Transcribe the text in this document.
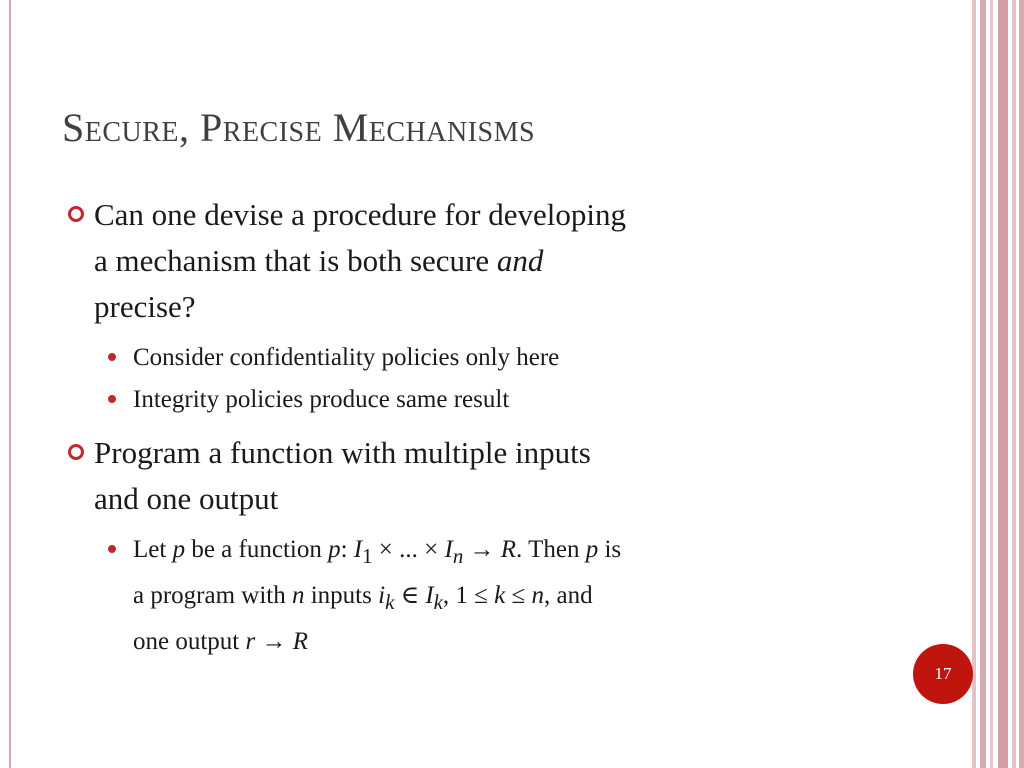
Secure, Precise Mechanisms
Can one devise a procedure for developing
a mechanism that is both secure and
precise?
Consider confidentiality policies only here
Integrity policies produce same result
Program a function with multiple inputs
and one output
Let p be a function p: $I_1$ × ... × $I_n \to R$. Then p is
a program with n inputs $i_k$ ∈ $I_k$, 1 ≤ k ≤ n, and
one output r → R
17
